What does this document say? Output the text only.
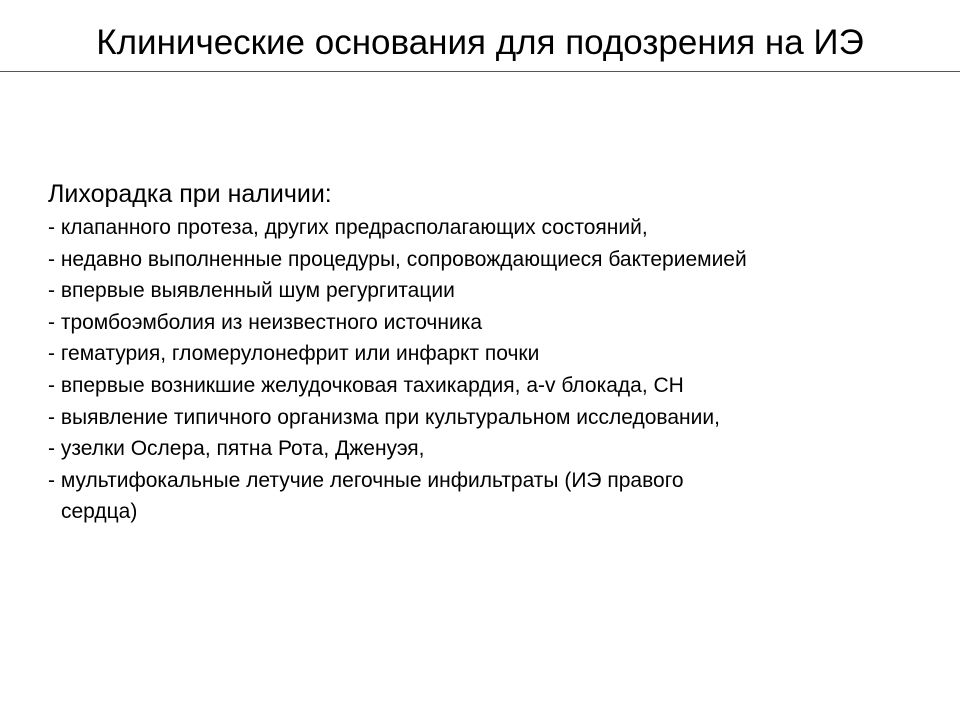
Клинические основания для подозрения на ИЭ
Лихорадка при наличии:
- клапанного протеза, других предрасполагающих состояний,
- недавно выполненные процедуры, сопровождающиеся бактериемией
- впервые выявленный шум регургитации
- тромбоэмболия из неизвестного источника
- гематурия, гломерулонефрит или инфаркт почки
- впервые возникшие желудочковая тахикардия, a-v блокада, СН
- выявление типичного организма при культуральном исследовании,
- узелки Ослера, пятна Рота, Дженуэя,
- мультифокальные летучие легочные инфильтраты (ИЭ правого
сердца)
